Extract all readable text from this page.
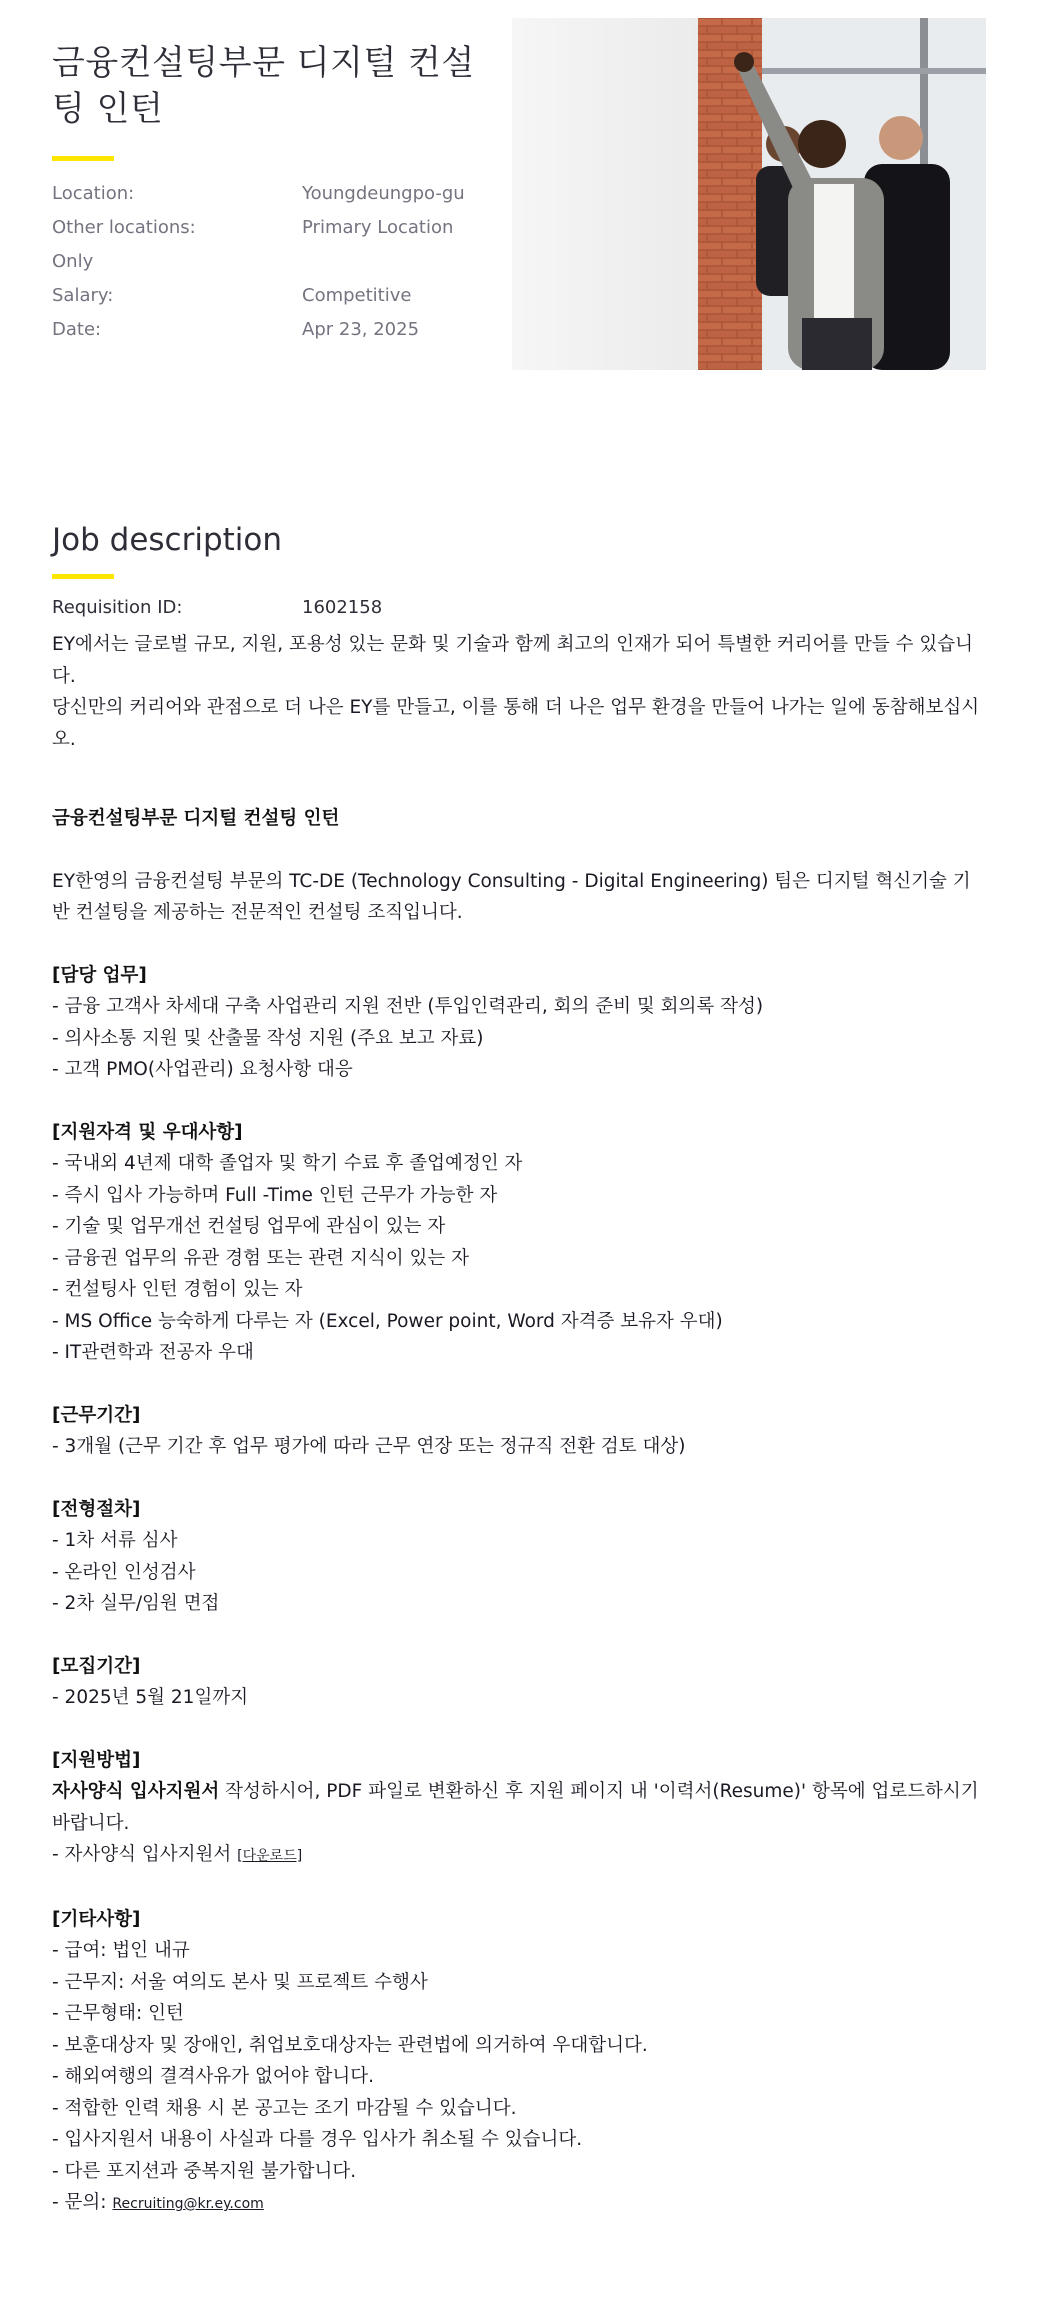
금융컨설팅부문 디지털 컨설팅 인턴
Location:	Youngdeungpo-gu
Other locations:	Primary Location
Only
Salary:	Competitive
Date:	Apr 23, 2025
Job description
Requisition ID:	1602158

EY에서는 글로벌 규모, 지원, 포용성 있는 문화 및 기술과 함께 최고의 인재가 되어 특별한 커리어를 만들 수 있습니다.

당신만의 커리어와 관점으로 더 나은 EY를 만들고, 이를 통해 더 나은 업무 환경을 만들어 나가는 일에 동참해보십시오.

금융컨설팅부문 디지털 컨설팅 인턴

EY한영의 금융컨설팅 부문의 TC-DE (Technology Consulting - Digital Engineering) 팀은 디지털 혁신기술 기반 컨설팅을 제공하는 전문적인 컨설팅 조직입니다.

[담당 업무]

- 금융 고객사 차세대 구축 사업관리 지원 전반 (투입인력관리, 회의 준비 및 회의록 작성)

- 의사소통 지원 및 산출물 작성 지원 (주요 보고 자료)

- 고객 PMO(사업관리) 요청사항 대응

[지원자격 및 우대사항]

- 국내외 4년제 대학 졸업자 및 학기 수료 후 졸업예정인 자

- 즉시 입사 가능하며 Full -Time 인턴 근무가 가능한 자

- 기술 및 업무개선 컨설팅 업무에 관심이 있는 자

- 금융권 업무의 유관 경험 또는 관련 지식이 있는 자

- 컨설팅사 인턴 경험이 있는 자

- MS Office 능숙하게 다루는 자 (Excel, Power point, Word 자격증 보유자 우대)

- IT관련학과 전공자 우대

[근무기간]

- 3개월 (근무 기간 후 업무 평가에 따라 근무 연장 또는 정규직 전환 검토 대상)

[전형절차]

- 1차 서류 심사

- 온라인 인성검사

- 2차 실무/임원 면접

[모집기간]

- 2025년 5월 21일까지

[지원방법]

자사양식 입사지원서 작성하시어, PDF 파일로 변환하신 후 지원 페이지 내 '이력서(Resume)' 항목에 업로드하시기 바랍니다.

- 자사양식 입사지원서 [다운로드]

[기타사항]

- 급여: 법인 내규

- 근무지: 서울 여의도 본사 및 프로젝트 수행사

- 근무형태: 인턴

- 보훈대상자 및 장애인, 취업보호대상자는 관련법에 의거하여 우대합니다.

- 해외여행의 결격사유가 없어야 합니다.

- 적합한 인력 채용 시 본 공고는 조기 마감될 수 있습니다.

- 입사지원서 내용이 사실과 다를 경우 입사가 취소될 수 있습니다.

- 다른 포지션과 중복지원 불가합니다.

- 문의: Recruiting@kr.ey.com
